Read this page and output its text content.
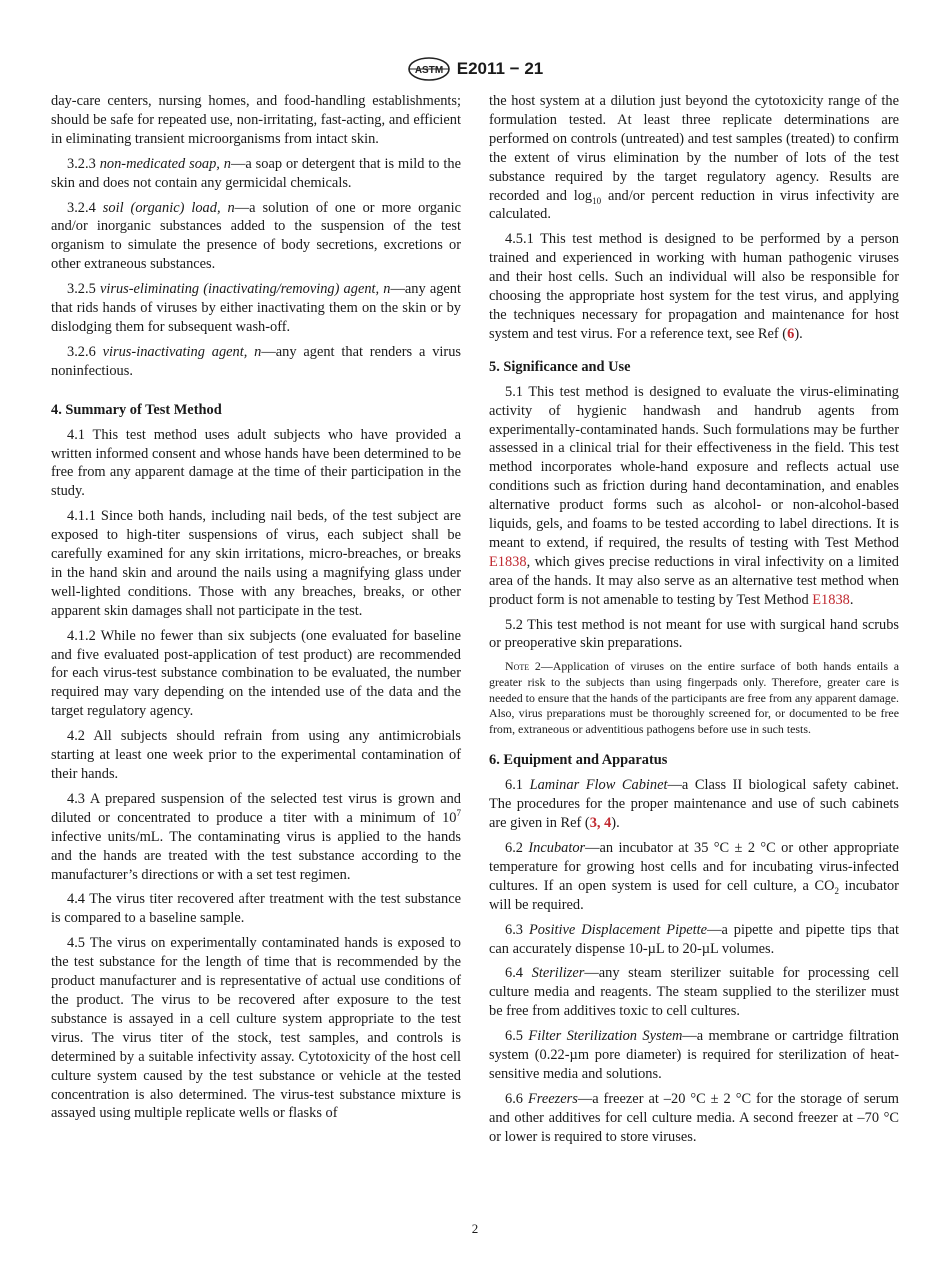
ASTM E2011 − 21

day-care centers, nursing homes, and food-handling establishments; should be safe for repeated use, non-irritating, fast-acting, and efficient in eliminating transient microorganisms from intact skin.

3.2.3 non-medicated soap, n—a soap or detergent that is mild to the skin and does not contain any germicidal chemicals.

3.2.4 soil (organic) load, n—a solution of one or more organic and/or inorganic substances added to the suspension of the test organism to simulate the presence of body secretions, excretions or other extraneous substances.

3.2.5 virus-eliminating (inactivating/removing) agent, n—any agent that rids hands of viruses by either inactivating them on the skin or by dislodging them for subsequent wash-off.

3.2.6 virus-inactivating agent, n—any agent that renders a virus noninfectious.

4. Summary of Test Method

4.1 This test method uses adult subjects who have provided a written informed consent and whose hands have been determined to be free from any apparent damage at the time of their participation in the study.

4.1.1 Since both hands, including nail beds, of the test subject are exposed to high-titer suspensions of virus, each subject shall be carefully examined for any skin irritations, micro-breaches, or breaks in the hand skin and around the nails using a magnifying glass under well-lighted conditions. Those with any breaches, breaks, or other apparent skin damages shall not participate in the test.

4.1.2 While no fewer than six subjects (one evaluated for baseline and five evaluated post-application of test product) are recommended for each virus-test substance combination to be evaluated, the number required may vary depending on the intended use of the data and the target regulatory agency.

4.2 All subjects should refrain from using any antimicrobials starting at least one week prior to the experimental contamination of their hands.

4.3 A prepared suspension of the selected test virus is grown and diluted or concentrated to produce a titer with a minimum of $10^7$ infective units/mL. The contaminating virus is applied to the hands and the hands are treated with the test substance according to the manufacturer’s directions or with a set test regimen.

4.4 The virus titer recovered after treatment with the test substance is compared to a baseline sample.

4.5 The virus on experimentally contaminated hands is exposed to the test substance for the length of time that is recommended by the product manufacturer and is representative of actual use conditions of the product. The virus to be recovered after exposure to the test substance is assayed in a cell culture system appropriate to the test virus. The virus titer of the stock, test samples, and controls is determined by a suitable infectivity assay. Cytotoxicity of the host cell culture system caused by the test substance or vehicle at the tested concentration is also determined. The virus-test substance mixture is assayed using multiple replicate wells or flasks of

the host system at a dilution just beyond the cytotoxicity range of the formulation tested. At least three replicate determinations are performed on controls (untreated) and test samples (treated) to confirm the extent of virus elimination by the number of lots of the test substance required by the target regulatory agency. Results are recorded and $\log_{10} and/or$ percent reduction in virus infectivity are calculated.

4.5.1 This test method is designed to be performed by a person trained and experienced in working with human pathogenic viruses and their host cells. Such an individual will also be responsible for choosing the appropriate host system for the test virus, and applying the techniques necessary for propagation and maintenance for host system and test virus. For a reference text, see Ref (6).

5. Significance and Use

5.1 This test method is designed to evaluate the virus-eliminating activity of hygienic handwash and handrub agents from experimentally-contaminated hands. Such formulations may be further assessed in a clinical trial for their effectiveness in the field. This test method incorporates whole-hand exposure and reflects actual use conditions such as friction during hand decontamination, and enables alternative product forms such as alcohol- or non-alcohol-based liquids, gels, and foams to be tested according to label directions. It is meant to extend, if required, the results of testing with Test Method E1838, which gives precise reductions in viral infectivity on a limited area of the hands. It may also serve as an alternative test method when product form is not amenable to testing by Test Method E1838.

5.2 This test method is not meant for use with surgical hand scrubs or preoperative skin preparations.

Note 2—Application of viruses on the entire surface of both hands entails a greater risk to the subjects than using fingerpads only. Therefore, greater care is needed to ensure that the hands of the participants are free from any apparent damage. Also, virus preparations must be thoroughly screened for, or documented to be free from, extraneous or adventitious pathogens before use in such tests.

6. Equipment and Apparatus

6.1 Laminar Flow Cabinet—a Class II biological safety cabinet. The procedures for the proper maintenance and use of such cabinets are given in Ref (3, 4).

6.2 Incubator—an incubator at 35 °C ± 2 °C or other appropriate temperature for growing host cells and for incubating virus-infected cultures. If an open system is used for cell culture, a $CO_2$ incubator will be required.

6.3 Positive Displacement Pipette—a pipette and pipette tips that can accurately dispense 10-µL to 20-µL volumes.

6.4 Sterilizer—any steam sterilizer suitable for processing cell culture media and reagents. The steam supplied to the sterilizer must be free from additives toxic to cell cultures.

6.5 Filter Sterilization System—a membrane or cartridge filtration system (0.22-µm pore diameter) is required for sterilization of heat-sensitive media and solutions.

6.6 Freezers—a freezer at –20 °C ± 2 °C for the storage of serum and other additives for cell culture media. A second freezer at –70 °C or lower is required to store viruses.

2
